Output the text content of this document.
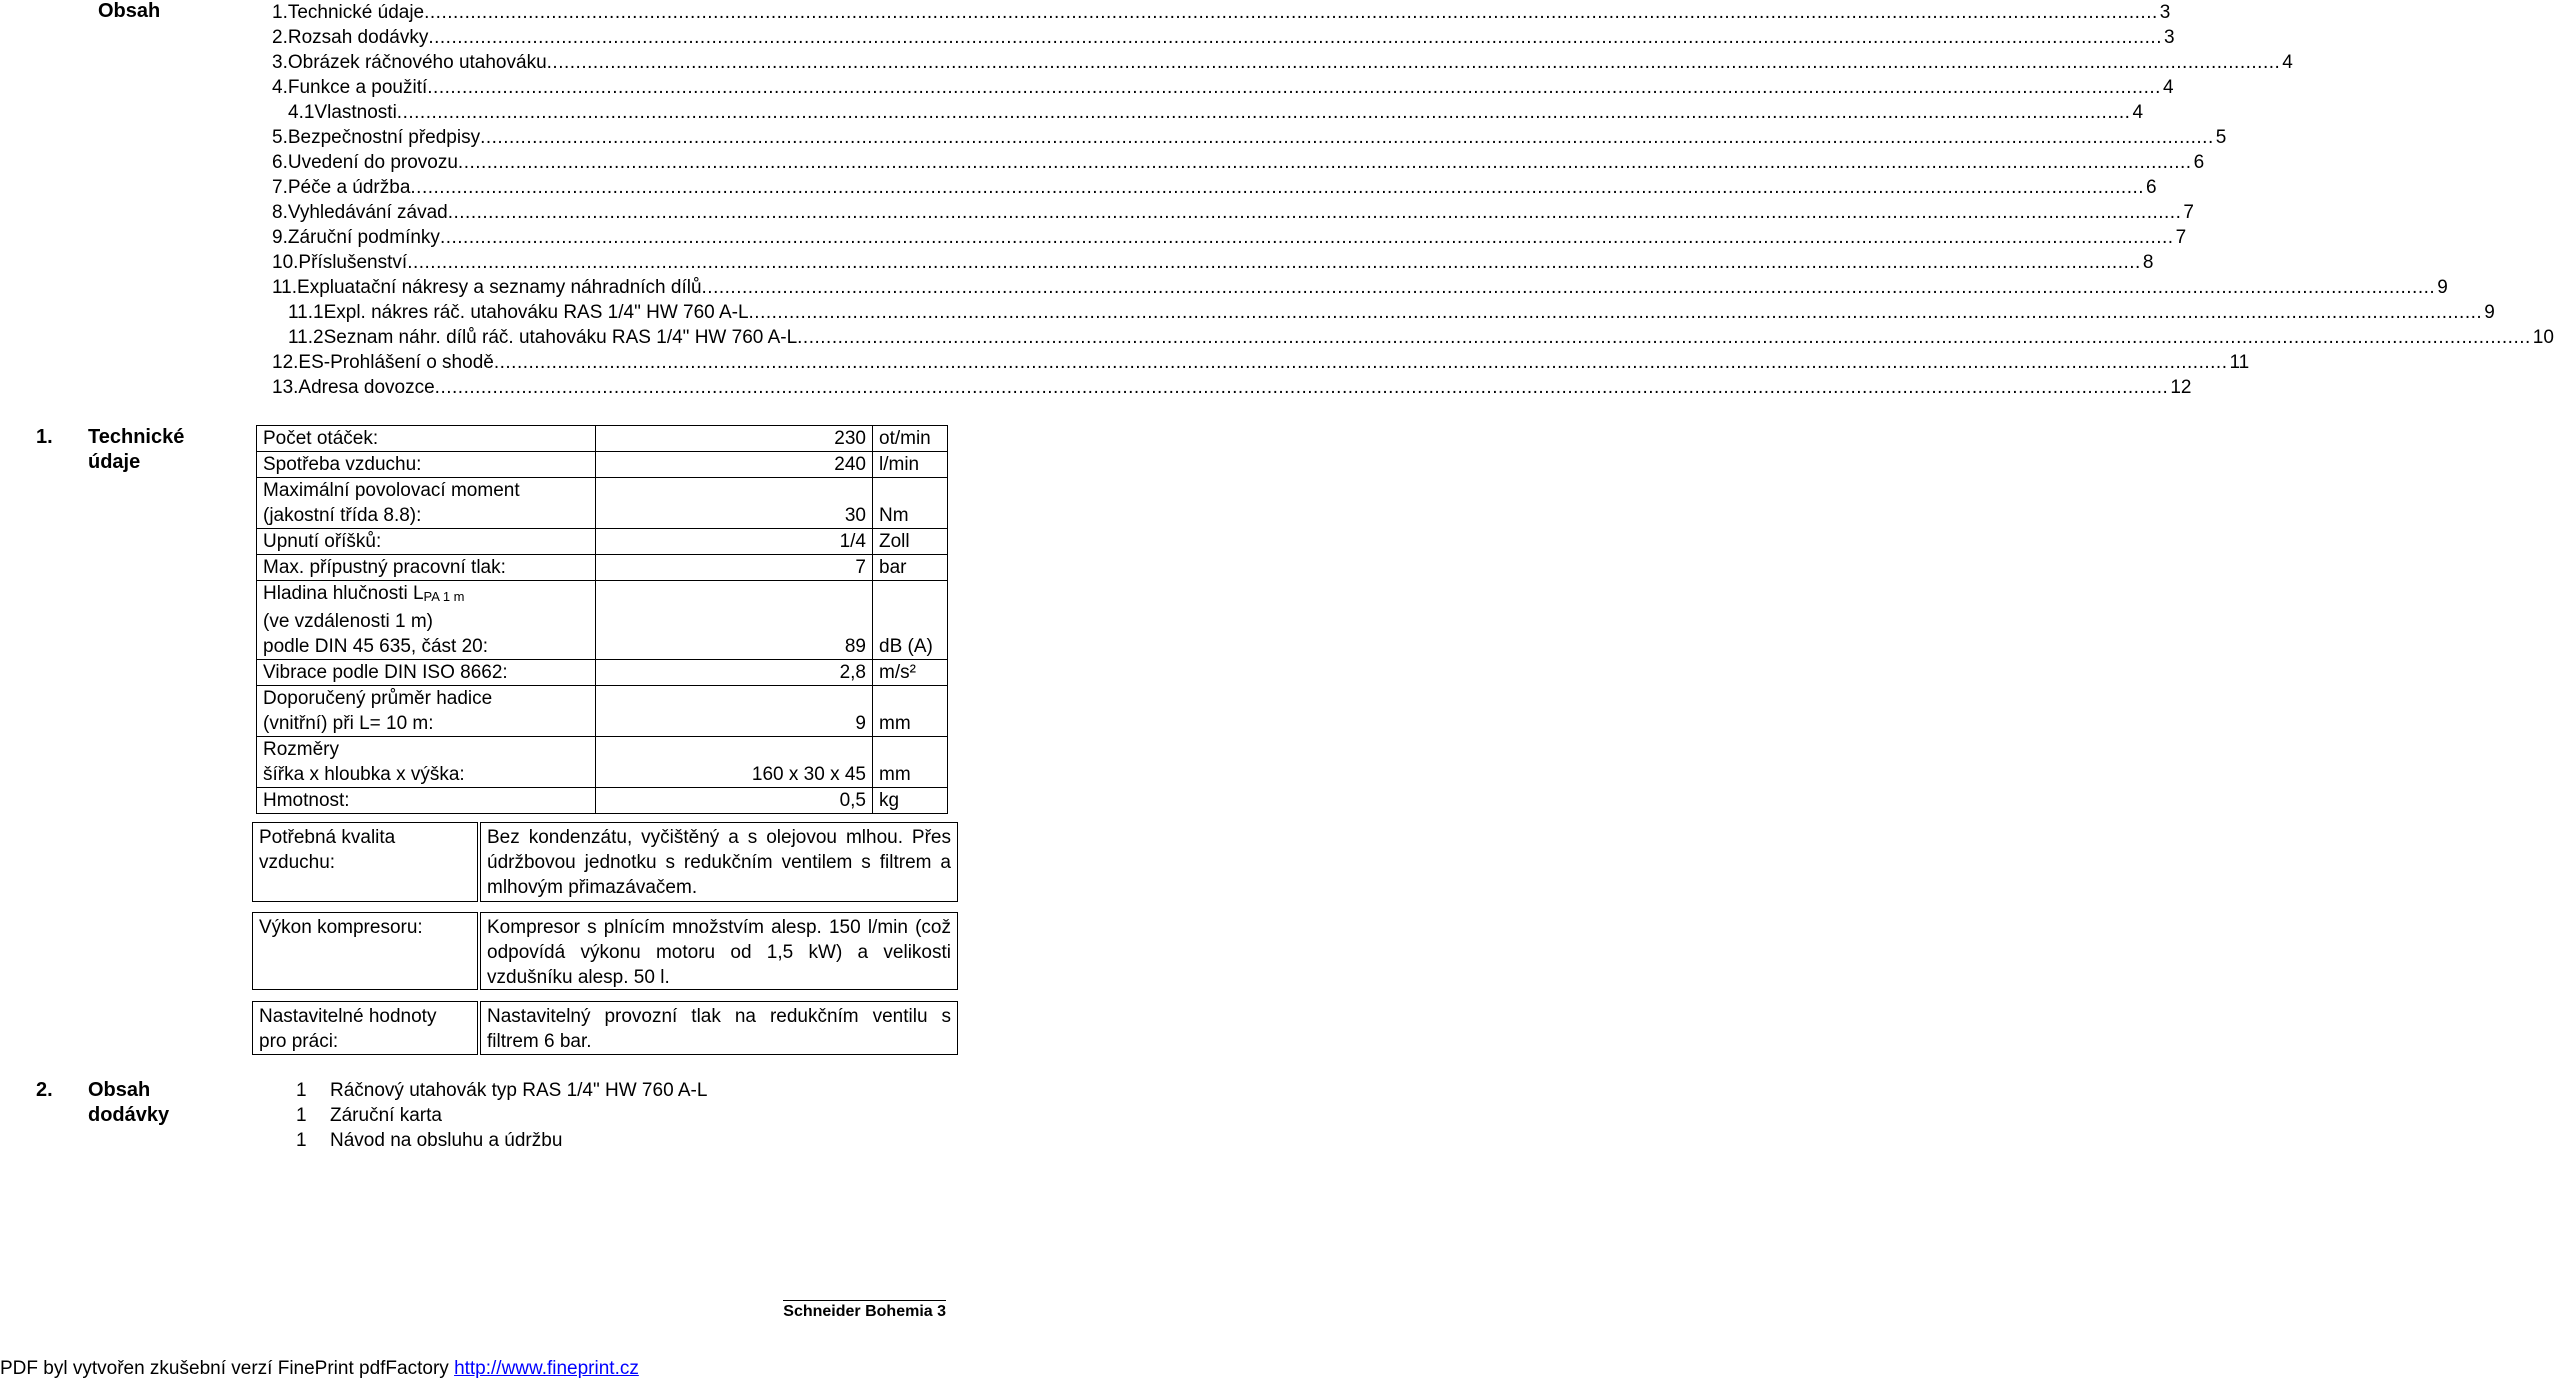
Obsah	1. Technické údaje ............................................................................................................................................................................................................................................................................................................ 3
2. Rozsah dodávky ............................................................................................................................................................................................................................................................................................................ 3
3. Obrázek ráčnového utahováku ............................................................................................................................................................................................................................................................................................................ 4
4. Funkce a použití ............................................................................................................................................................................................................................................................................................................ 4
4.1 Vlastnosti ............................................................................................................................................................................................................................................................................................................ 4
5. Bezpečnostní předpisy ............................................................................................................................................................................................................................................................................................................ 5
6. Uvedení do provozu ............................................................................................................................................................................................................................................................................................................ 6
7. Péče a údržba ............................................................................................................................................................................................................................................................................................................ 6
8. Vyhledávání závad ............................................................................................................................................................................................................................................................................................................ 7
9. Záruční podmínky ............................................................................................................................................................................................................................................................................................................ 7
10. Příslušenství ............................................................................................................................................................................................................................................................................................................ 8
11. Expluatační nákresy a seznamy náhradních dílů ............................................................................................................................................................................................................................................................................................................ 9
11.1 Expl. nákres ráč. utahováku RAS 1/4" HW 760 A-L ............................................................................................................................................................................................................................................................................................................ 9
11.2 Seznam náhr. dílů ráč. utahováku RAS 1/4" HW 760 A-L ............................................................................................................................................................................................................................................................................................................ 10
12. ES-Prohlášení o shodě ............................................................................................................................................................................................................................................................................................................ 11
13. Adresa dovozce ............................................................................................................................................................................................................................................................................................................ 12
1. Technické
údaje
Počet otáček:	230	ot/min

Spotřeba vzduchu:	240	l/min

Maximální povolovací moment
(jakostní třída 8.8):	30	Nm

Upnutí oříšků:	1/4	Zoll

Max. přípustný pracovní tlak:	7	bar
Hladina hlučnosti $L_{PA 1 m}$

(ve vzdálenosti 1 m)
podle DIN 45 635, část 20:	89	dB (A)

Vibrace podle DIN ISO 8662:	2,8	m/s²

Doporučený průměr hadice
(vnitřní) při L= 10 m:	9	mm

Rozměry
šířka x hloubka x výška:	160 x 30 x 45	mm

Hmotnost:	0,5	kg
Potřebná kvalita
vzduchu:
Bez kondenzátu, vyčištěný a s olejovou mlhou. Přes údržbovou jednotku s redukčním ventilem s filtrem a mlhovým přimazávačem.
Výkon kompresoru:	Kompresor s plnícím množstvím alesp. 150 l/min (což odpovídá výkonu motoru od 1,5 kW) a velikosti vzdušníku alesp. 50 l.
Nastavitelné hodnoty
pro práci:
Nastavitelný provozní tlak na redukčním ventilu s filtrem 6 bar.
2. Obsah
dodávky
1 Ráčnový utahovák typ RAS 1/4" HW 760 A-L
1 Záruční karta
1 Návod na obsluhu a údržbu
Schneider Bohemia 3
PDF byl vytvořen zkušební verzí FinePrint pdfFactory http://www.fineprint.cz
